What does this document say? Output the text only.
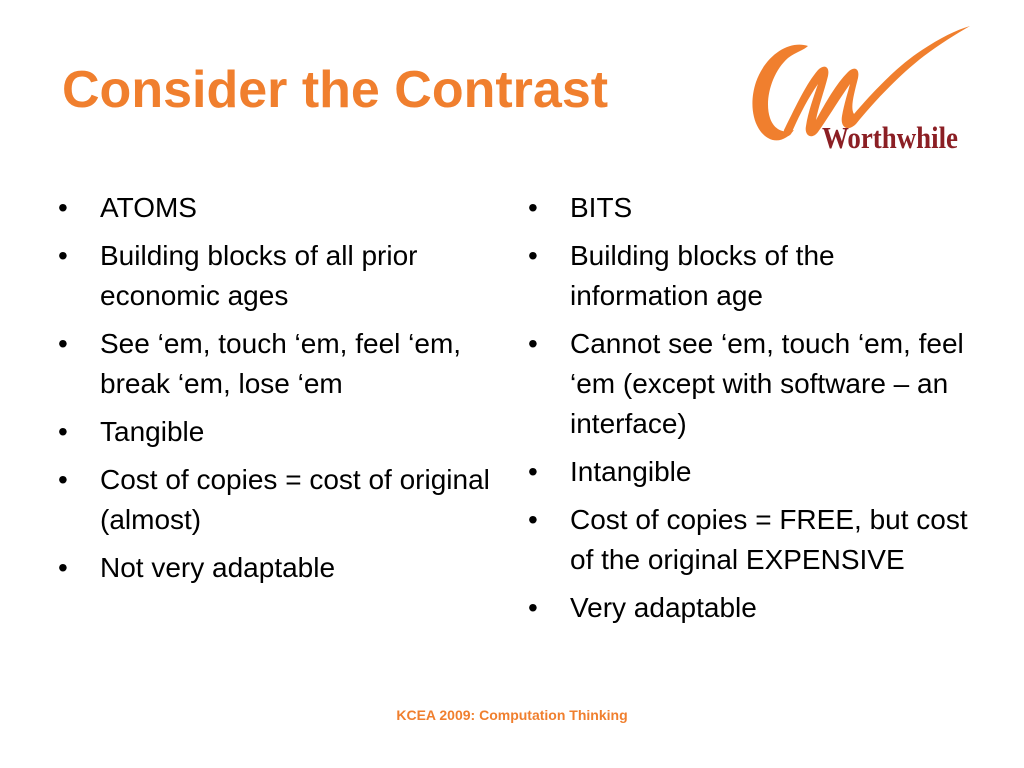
Consider the Contrast
Worthwhile
•	ATOMS
•	Building blocks of all prior economic ages
•	See ‘em, touch ‘em, feel ‘em, break ‘em, lose ‘em
•	Tangible
•	Cost of copies = cost of original (almost)
•	Not very adaptable
•	BITS
•	Building blocks of the information age
•	Cannot see ‘em, touch ‘em, feel ‘em (except with software – an interface)
•	Intangible
•	Cost of copies = FREE, but cost of the original EXPENSIVE
•	Very adaptable
KCEA 2009: Computation Thinking
